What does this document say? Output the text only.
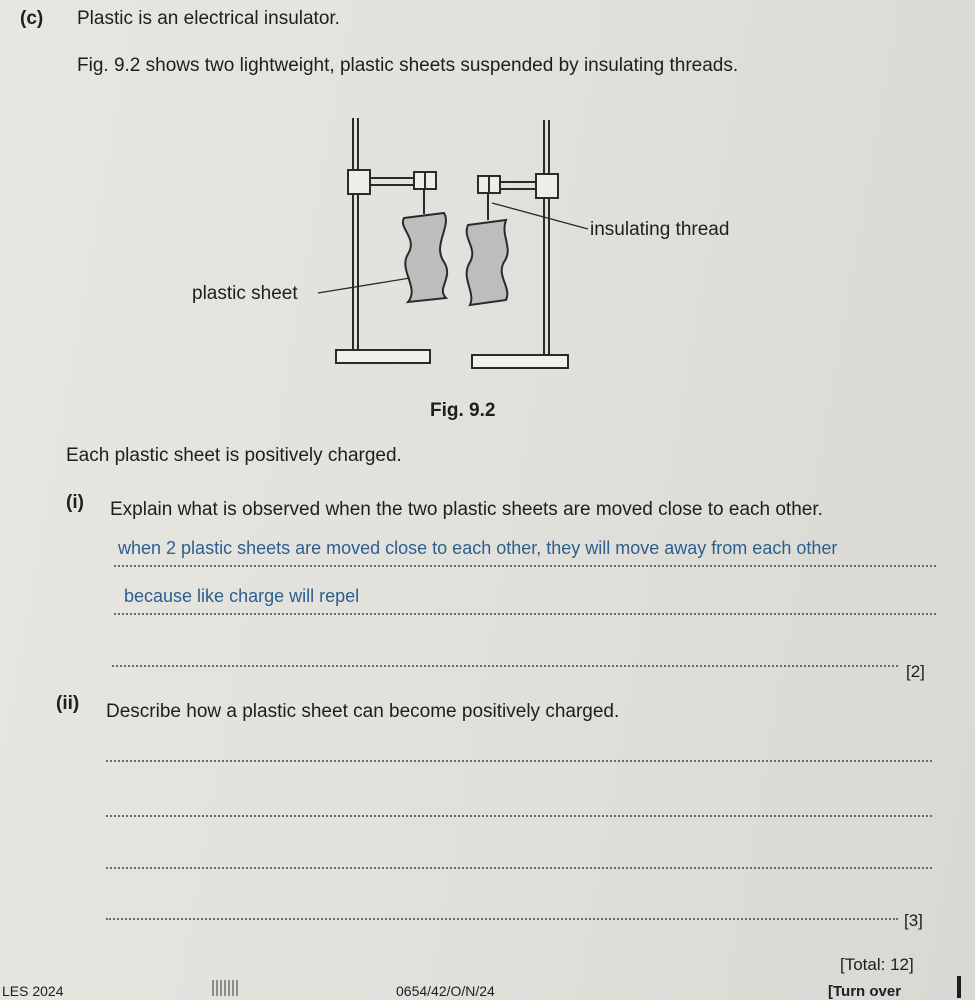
(c) Plastic is an electrical insulator.
Fig. 9.2 shows two lightweight, plastic sheets suspended by insulating threads.
insulating thread
plastic sheet
Fig. 9.2
Each plastic sheet is positively charged.
(i) Explain what is observed when the two plastic sheets are moved close to each other.
when 2 plastic sheets are moved close to each other, they will move away from each other
because like charge will repel
[2]
(ii) Describe how a plastic sheet can become positively charged.
[3]
[Total: 12]
LES 2024	0654/42/O/N/24	[Turn over
